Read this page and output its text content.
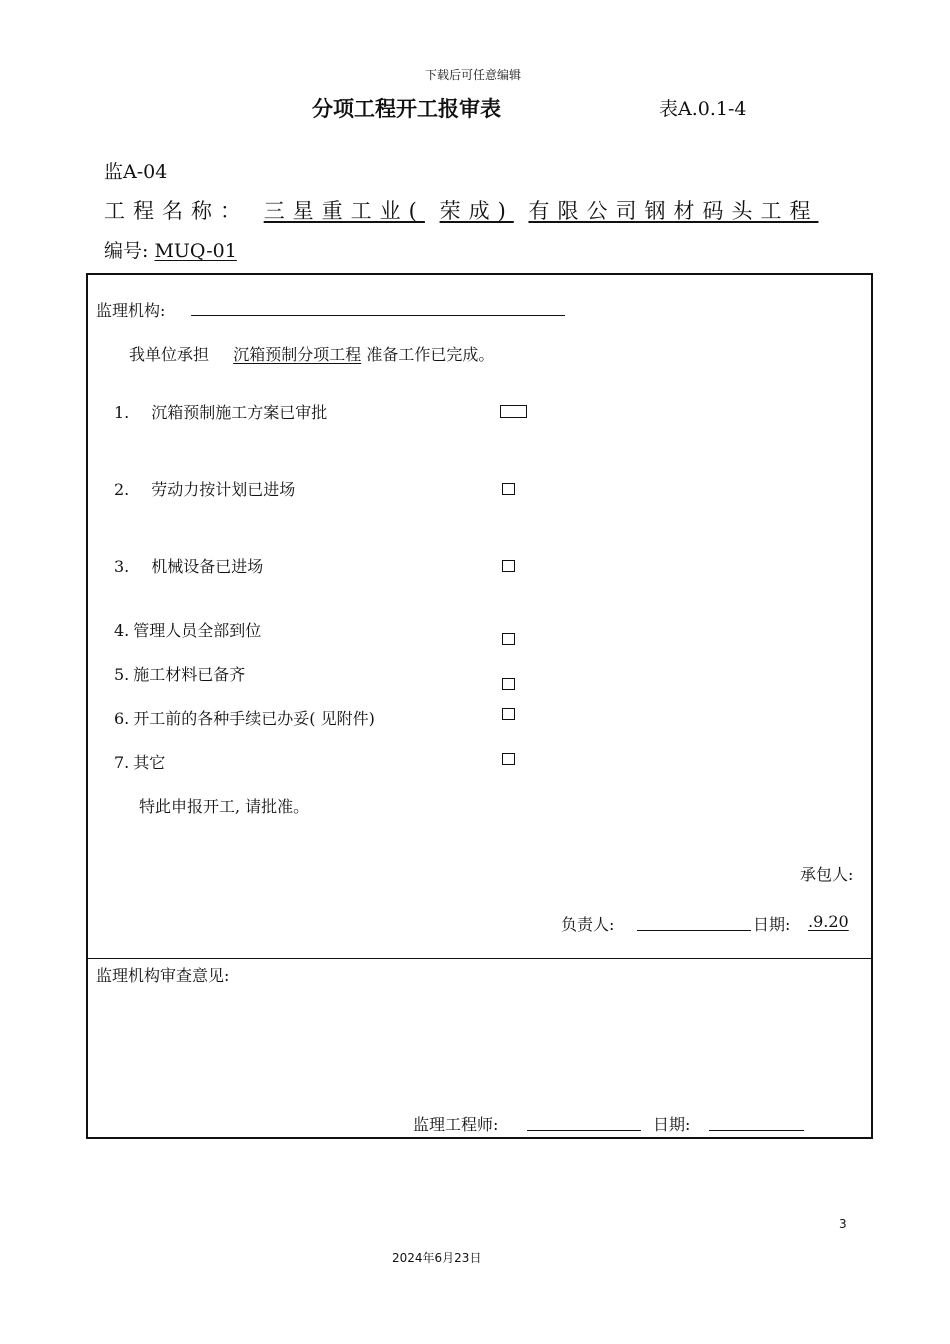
下载后可任意编辑
分项工程开工报审表	表A.0.1-4
监A-04
工程名称： 三星重工业( 荣成) 有限公司钢材码头工程
编号: MUQ-01
监理机构:
我单位承担 沉箱预制分项工程 准备工作已完成。
1. 沉箱预制施工方案已审批
2. 劳动力按计划已进场
3. 机械设备已进场
4. 管理人员全部到位
5. 施工材料已备齐
6. 开工前的各种手续已办妥( 见附件)
7. 其它
特此申报开工, 请批准。
承包人:
负责人:	日期: .9.20
监理机构审查意见:
监理工程师:	日期:
3
2024年6月23日
